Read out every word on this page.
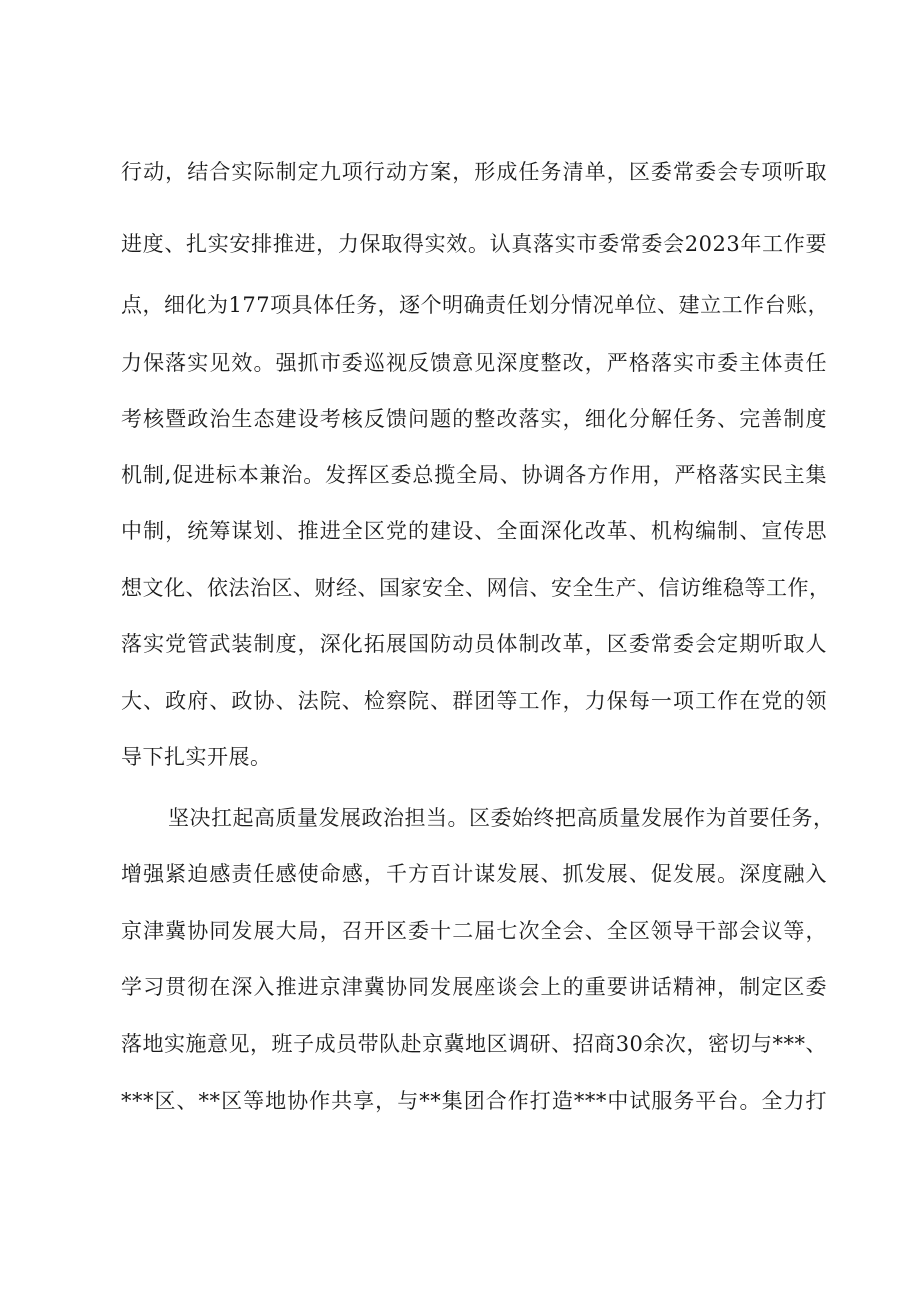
行动，结合实际制定九项行动方案，形成任务清单，区委常委会专项听取
进度、扎实安排推进，力保取得实效。认真落实市委常委会2023年工作要
点，细化为177项具体任务，逐个明确责任划分情况单位、建立工作台账，
力保落实见效。强抓市委巡视反馈意见深度整改，严格落实市委主体责任
考核暨政治生态建设考核反馈问题的整改落实，细化分解任务、完善制度
机制,促进标本兼治。发挥区委总揽全局、协调各方作用，严格落实民主集
中制，统筹谋划、推进全区党的建设、全面深化改革、机构编制、宣传思
想文化、依法治区、财经、国家安全、网信、安全生产、信访维稳等工作，
落实党管武装制度，深化拓展国防动员体制改革，区委常委会定期听取人
大、政府、政协、法院、检察院、群团等工作，力保每一项工作在党的领
导下扎实开展。
坚决扛起高质量发展政治担当。区委始终把高质量发展作为首要任务，
增强紧迫感责任感使命感，千方百计谋发展、抓发展、促发展。深度融入
京津冀协同发展大局，召开区委十二届七次全会、全区领导干部会议等，
学习贯彻在深入推进京津冀协同发展座谈会上的重要讲话精神，制定区委
落地实施意见，班子成员带队赴京冀地区调研、招商30余次，密切与***、
***区、**区等地协作共享，与**集团合作打造***中试服务平台。全力打
